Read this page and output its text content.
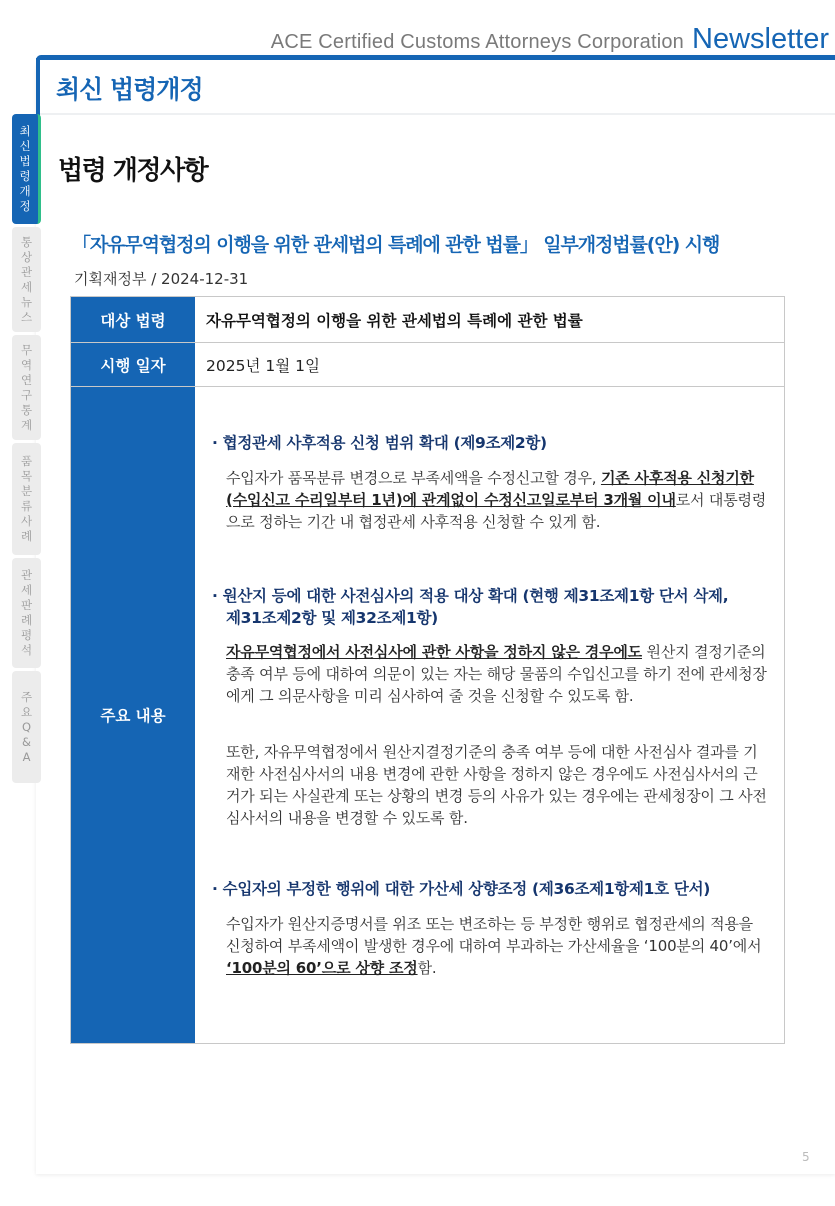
ACE Certified Customs Attorneys Corporation Newsletter
최신 법령개정
최신법령개정
통상관세뉴스
무역연구통계
품목분류사례
관세판례평석
주요Q&A
법령 개정사항
「자유무역협정의 이행을 위한 관세법의 특례에 관한 법률」 일부개정법률(안) 시행
기획재정부 / 2024-12-31
대상 법령	자유무역협정의 이행을 위한 관세법의 특례에 관한 법률
시행 일자	2025년 1월 1일
주요 내용
· 협정관세 사후적용 신청 범위 확대 (제9조제2항)
수입자가 품목분류 변경으로 부족세액을 수정신고할 경우, 기존 사후적용 신청기한(수입신고 수리일부터 1년)에 관계없이 수정신고일로부터 3개월 이내로서 대통령령으로 정하는 기간 내 협정관세 사후적용 신청할 수 있게 함.
· 원산지 등에 대한 사전심사의 적용 대상 확대 (현행 제31조제1항 단서 삭제,
제31조제2항 및 제32조제1항)
자유무역협정에서 사전심사에 관한 사항을 정하지 않은 경우에도 원산지 결정기준의 충족 여부 등에 대하여 의문이 있는 자는 해당 물품의 수입신고를 하기 전에 관세청장에게 그 의문사항을 미리 심사하여 줄 것을 신청할 수 있도록 함.
또한, 자유무역협정에서 원산지결정기준의 충족 여부 등에 대한 사전심사 결과를 기재한 사전심사서의 내용 변경에 관한 사항을 정하지 않은 경우에도 사전심사서의 근거가 되는 사실관계 또는 상황의 변경 등의 사유가 있는 경우에는 관세청장이 그 사전심사서의 내용을 변경할 수 있도록 함.
· 수입자의 부정한 행위에 대한 가산세 상향조정 (제36조제1항제1호 단서)
수입자가 원산지증명서를 위조 또는 변조하는 등 부정한 행위로 협정관세의 적용을 신청하여 부족세액이 발생한 경우에 대하여 부과하는 가산세율을 ‘100분의 40’에서 ‘100분의 60’으로 상향 조정함.
5
